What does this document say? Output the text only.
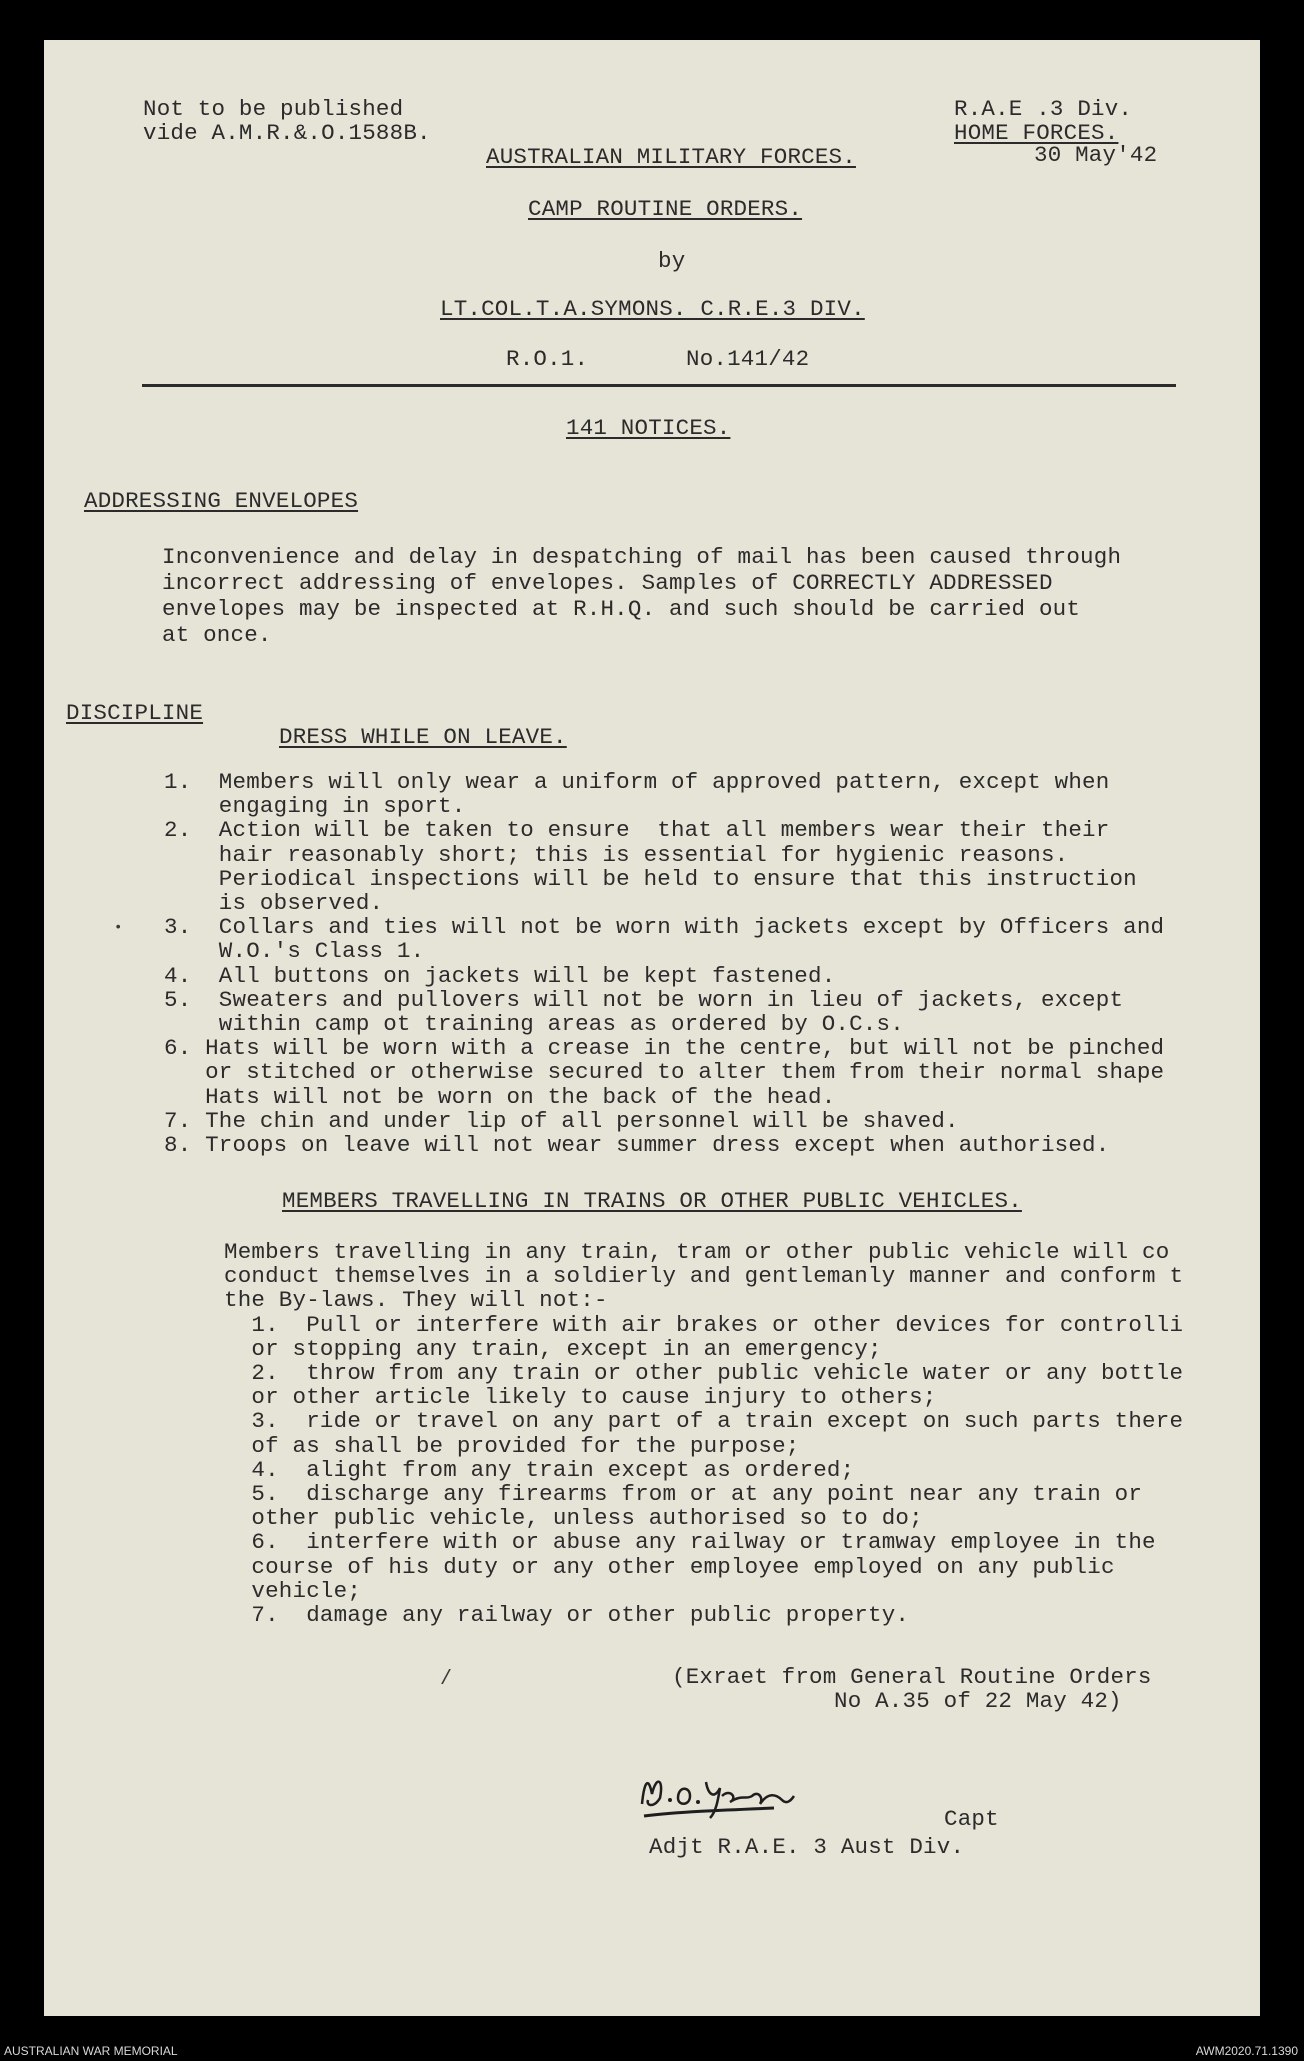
Not to be published
vide A.M.R.&.O.1588B.
R.A.E .3 Div.
HOME FORCES.
30 May'42
AUSTRALIAN MILITARY FORCES.
CAMP ROUTINE ORDERS.
by
LT.COL.T.A.SYMONS. C.R.E.3 DIV.
R.O.1.	No.141/42
141 NOTICES.
ADDRESSING ENVELOPES
Inconvenience and delay in despatching of mail has been caused through
incorrect addressing of envelopes. Samples of CORRECTLY ADDRESSED
envelopes may be inspected at R.H.Q. and such should be carried out
at once.
DISCIPLINE
DRESS WHILE ON LEAVE.
1.  Members will only wear a uniform of approved pattern, except when
engaging in sport.
2.  Action will be taken to ensure  that all members wear their their
hair reasonably short; this is essential for hygienic reasons.
Periodical inspections will be held to ensure that this instruction
is observed.
3.  Collars and ties will not be worn with jackets except by Officers and
W.O.'s Class 1.
4.  All buttons on jackets will be kept fastened.
5.  Sweaters and pullovers will not be worn in lieu of jackets, except
within camp ot training areas as ordered by O.C.s.
6. Hats will be worn with a crease in the centre, but will not be pinched
or stitched or otherwise secured to alter them from their normal shape
Hats will not be worn on the back of the head.
7. The chin and under lip of all personnel will be shaved.
8. Troops on leave will not wear summer dress except when authorised.
MEMBERS TRAVELLING IN TRAINS OR OTHER PUBLIC VEHICLES.
Members travelling in any train, tram or other public vehicle will co
conduct themselves in a soldierly and gentlemanly manner and conform t
the By-laws. They will not:-
1.  Pull or interfere with air brakes or other devices for controlli
or stopping any train, except in an emergency;
2.  throw from any train or other public vehicle water or any bottle
or other article likely to cause injury to others;
3.  ride or travel on any part of a train except on such parts there
of as shall be provided for the purpose;
4.  alight from any train except as ordered;
5.  discharge any firearms from or at any point near any train or
other public vehicle, unless authorised so to do;
6.  interfere with or abuse any railway or tramway employee in the
course of his duty or any other employee employed on any public
vehicle;
7.  damage any railway or other public property.
(Exraet from General Routine Orders
No A.35 of 22 May 42)
/
•
Capt
Adjt R.A.E. 3 Aust Div.
AUSTRALIAN WAR MEMORIAL	AWM2020.71.1390
